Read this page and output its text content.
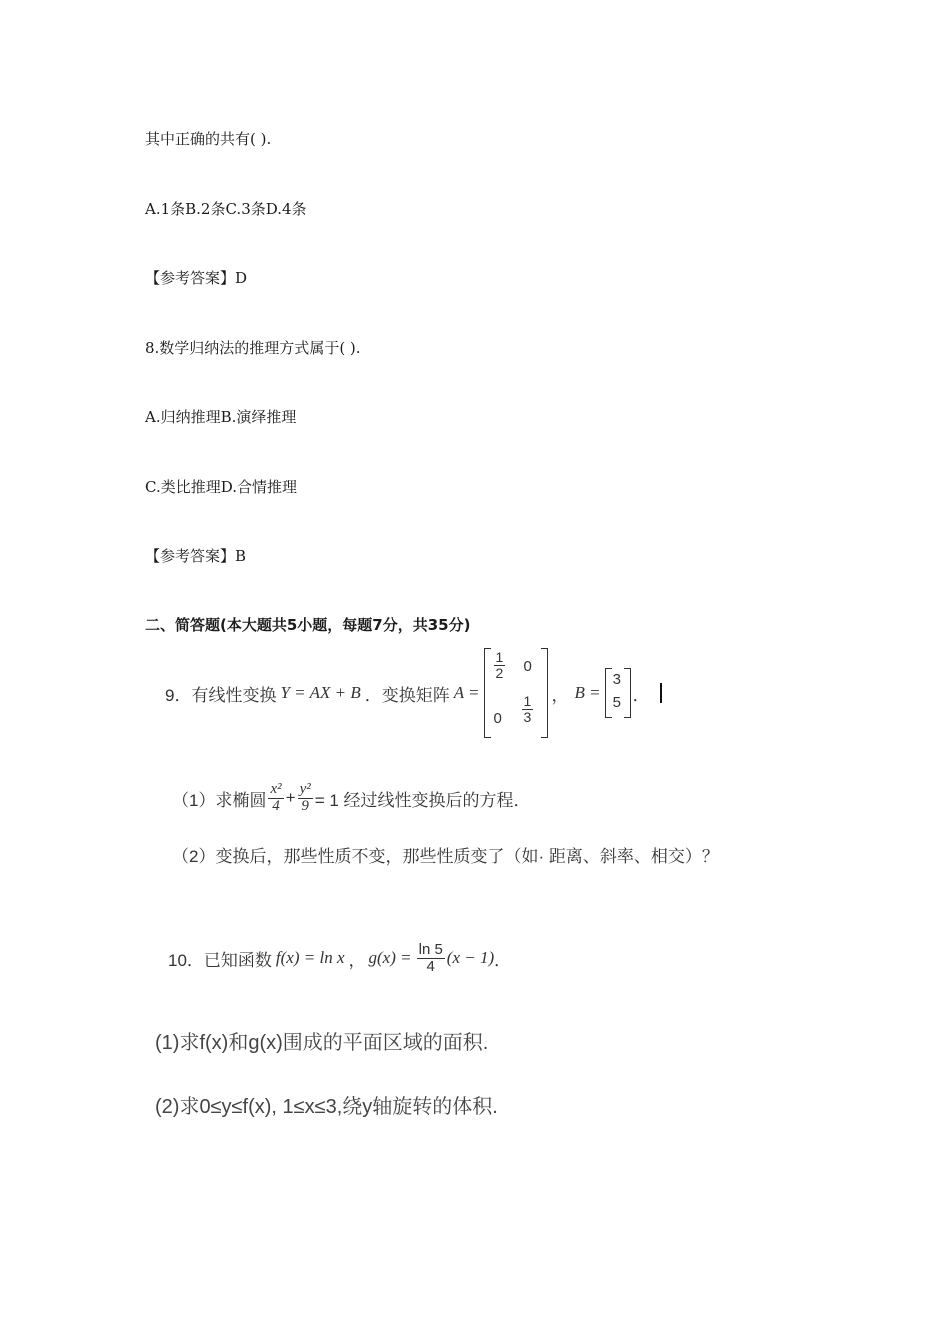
其中正确的共有( ).
A.1条B.2条C.3条D.4条
【参考答案】D
8.数学归纳法的推理方式属于( ).
A.归纳推理B.演绎推理
C.类比推理D.合情推理
【参考答案】B
二、简答题(本大题共5小题，每题7分，共35分)
9．有线性变换 Y = AX + B ．变换矩阵 A =
$\frac{1}{2} 0$
$0 \frac{1}{3}$ ， B =
3
5 ．
（1）求椭圆 $\frac{\text{x²}}{4} + \frac{\text{y²}}{9} = 1$ 经过线性变换后的方程．
（2）变换后，那些性质不变，那些性质变了（如· 距离、斜率、相交）？
10．已知函数 f(x) = ln x ， $g(x) = \frac{\ln 5}{4} (x - 1)$ ．
(1)求f(x)和g(x)围成的平面区域的面积.
(2)求0≤y≤f(x), 1≤x≤3,绕y轴旋转的体积.
